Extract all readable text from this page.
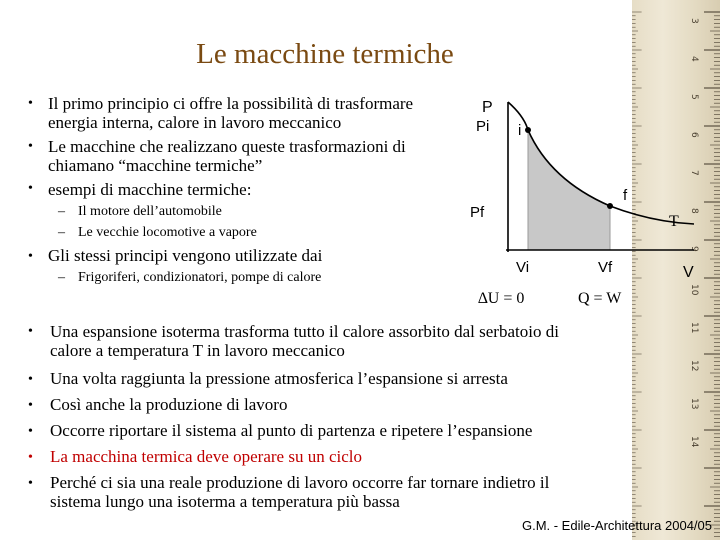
3
4
5
6
7
8
9
10
11
12
13
14
Le macchine termiche
• Il primo principio ci offre la possibilità di trasformare energia interna, calore in lavoro meccanico
• Le macchine che realizzano queste trasformazioni di chiamano “macchine termiche”
• esempi di macchine termiche:
– Il motore dell’automobile
– Le vecchie locomotive a vapore
• Gli stessi principi vengono utilizzate dai
– Frigoriferi, condizionatori, pompe di calore
P
Pi
Pf
i
f
T
Vi	Vf	V
∆U = 0	Q = W
• Una espansione isoterma trasforma tutto il calore assorbito dal serbatoio di calore a temperatura T in lavoro meccanico
• Una volta raggiunta la pressione atmosferica l’espansione si arresta
• Così anche la produzione di lavoro
• Occorre riportare il sistema al punto di partenza e ripetere l’espansione
• La macchina termica deve operare su un ciclo
• Perché ci sia una reale produzione di lavoro occorre far tornare indietro il sistema lungo una isoterma a temperatura più bassa
G.M. - Edile-Architettura 2004/05
